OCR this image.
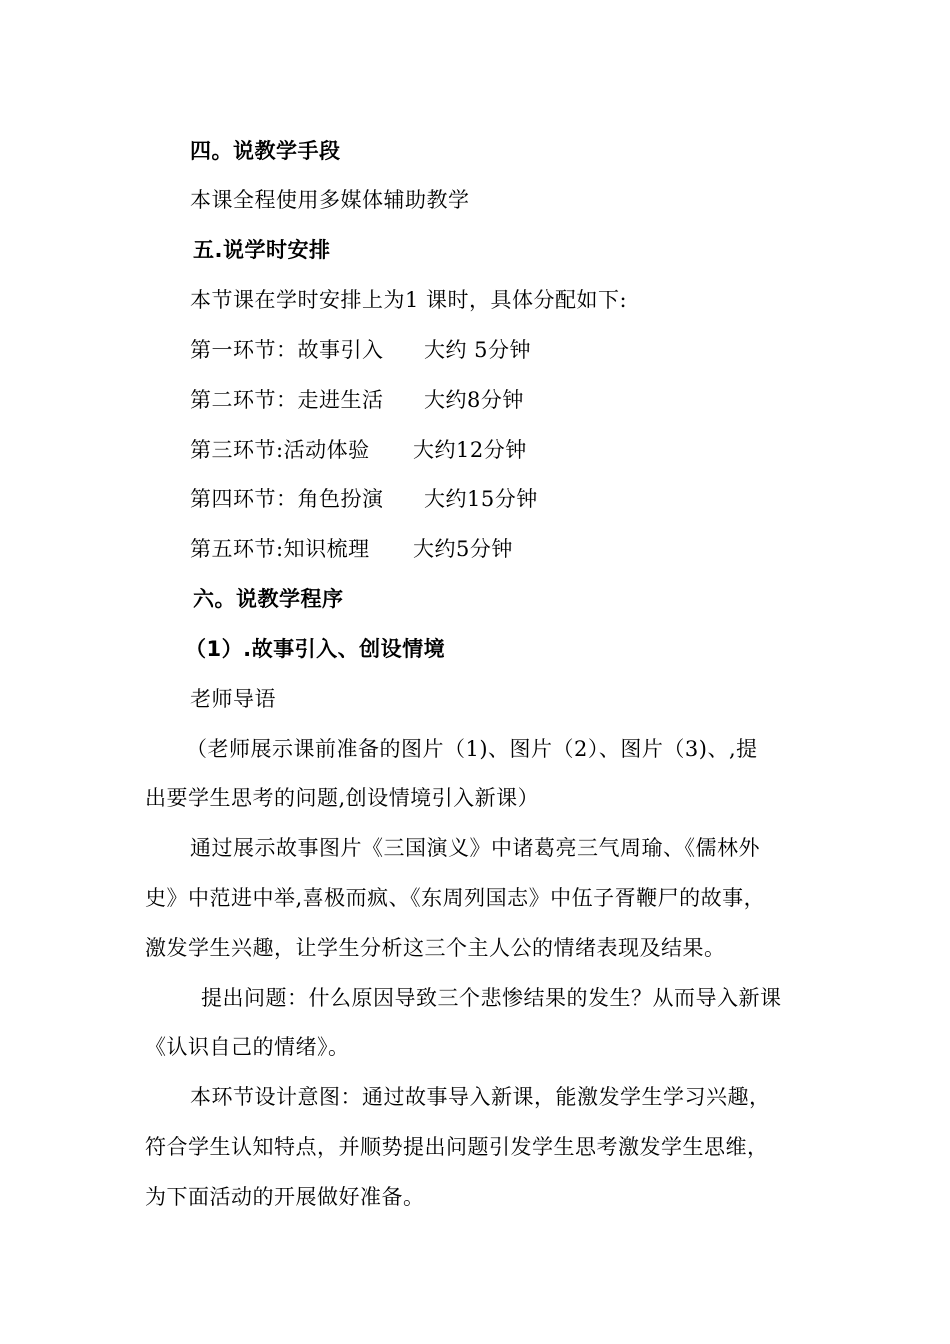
四。说教学手段
本课全程使用多媒体辅助教学
五.说学时安排
本节课在学时安排上为1 课时，具体分配如下:
第一环节：故事引入 大约 5分钟
第二环节：走进生活 大约8分钟
第三环节:活动体验 大约12分钟
第四环节：角色扮演 大约15分钟
第五环节:知识梳理 大约5分钟
六。说教学程序
（1）.故事引入、创设情境
老师导语
（老师展示课前准备的图片（1)、图片（2）、图片（3)、,提
出要学生思考的问题,创设情境引入新课）
通过展示故事图片《三国演义》中诸葛亮三气周瑜、《儒林外
史》中范进中举,喜极而疯、《东周列国志》中伍子胥鞭尸的故事，
激发学生兴趣，让学生分析这三个主人公的情绪表现及结果。
提出问题：什么原因导致三个悲惨结果的发生？从而导入新课
《认识自己的情绪》。
本环节设计意图：通过故事导入新课，能激发学生学习兴趣，
符合学生认知特点，并顺势提出问题引发学生思考激发学生思维，
为下面活动的开展做好准备。
